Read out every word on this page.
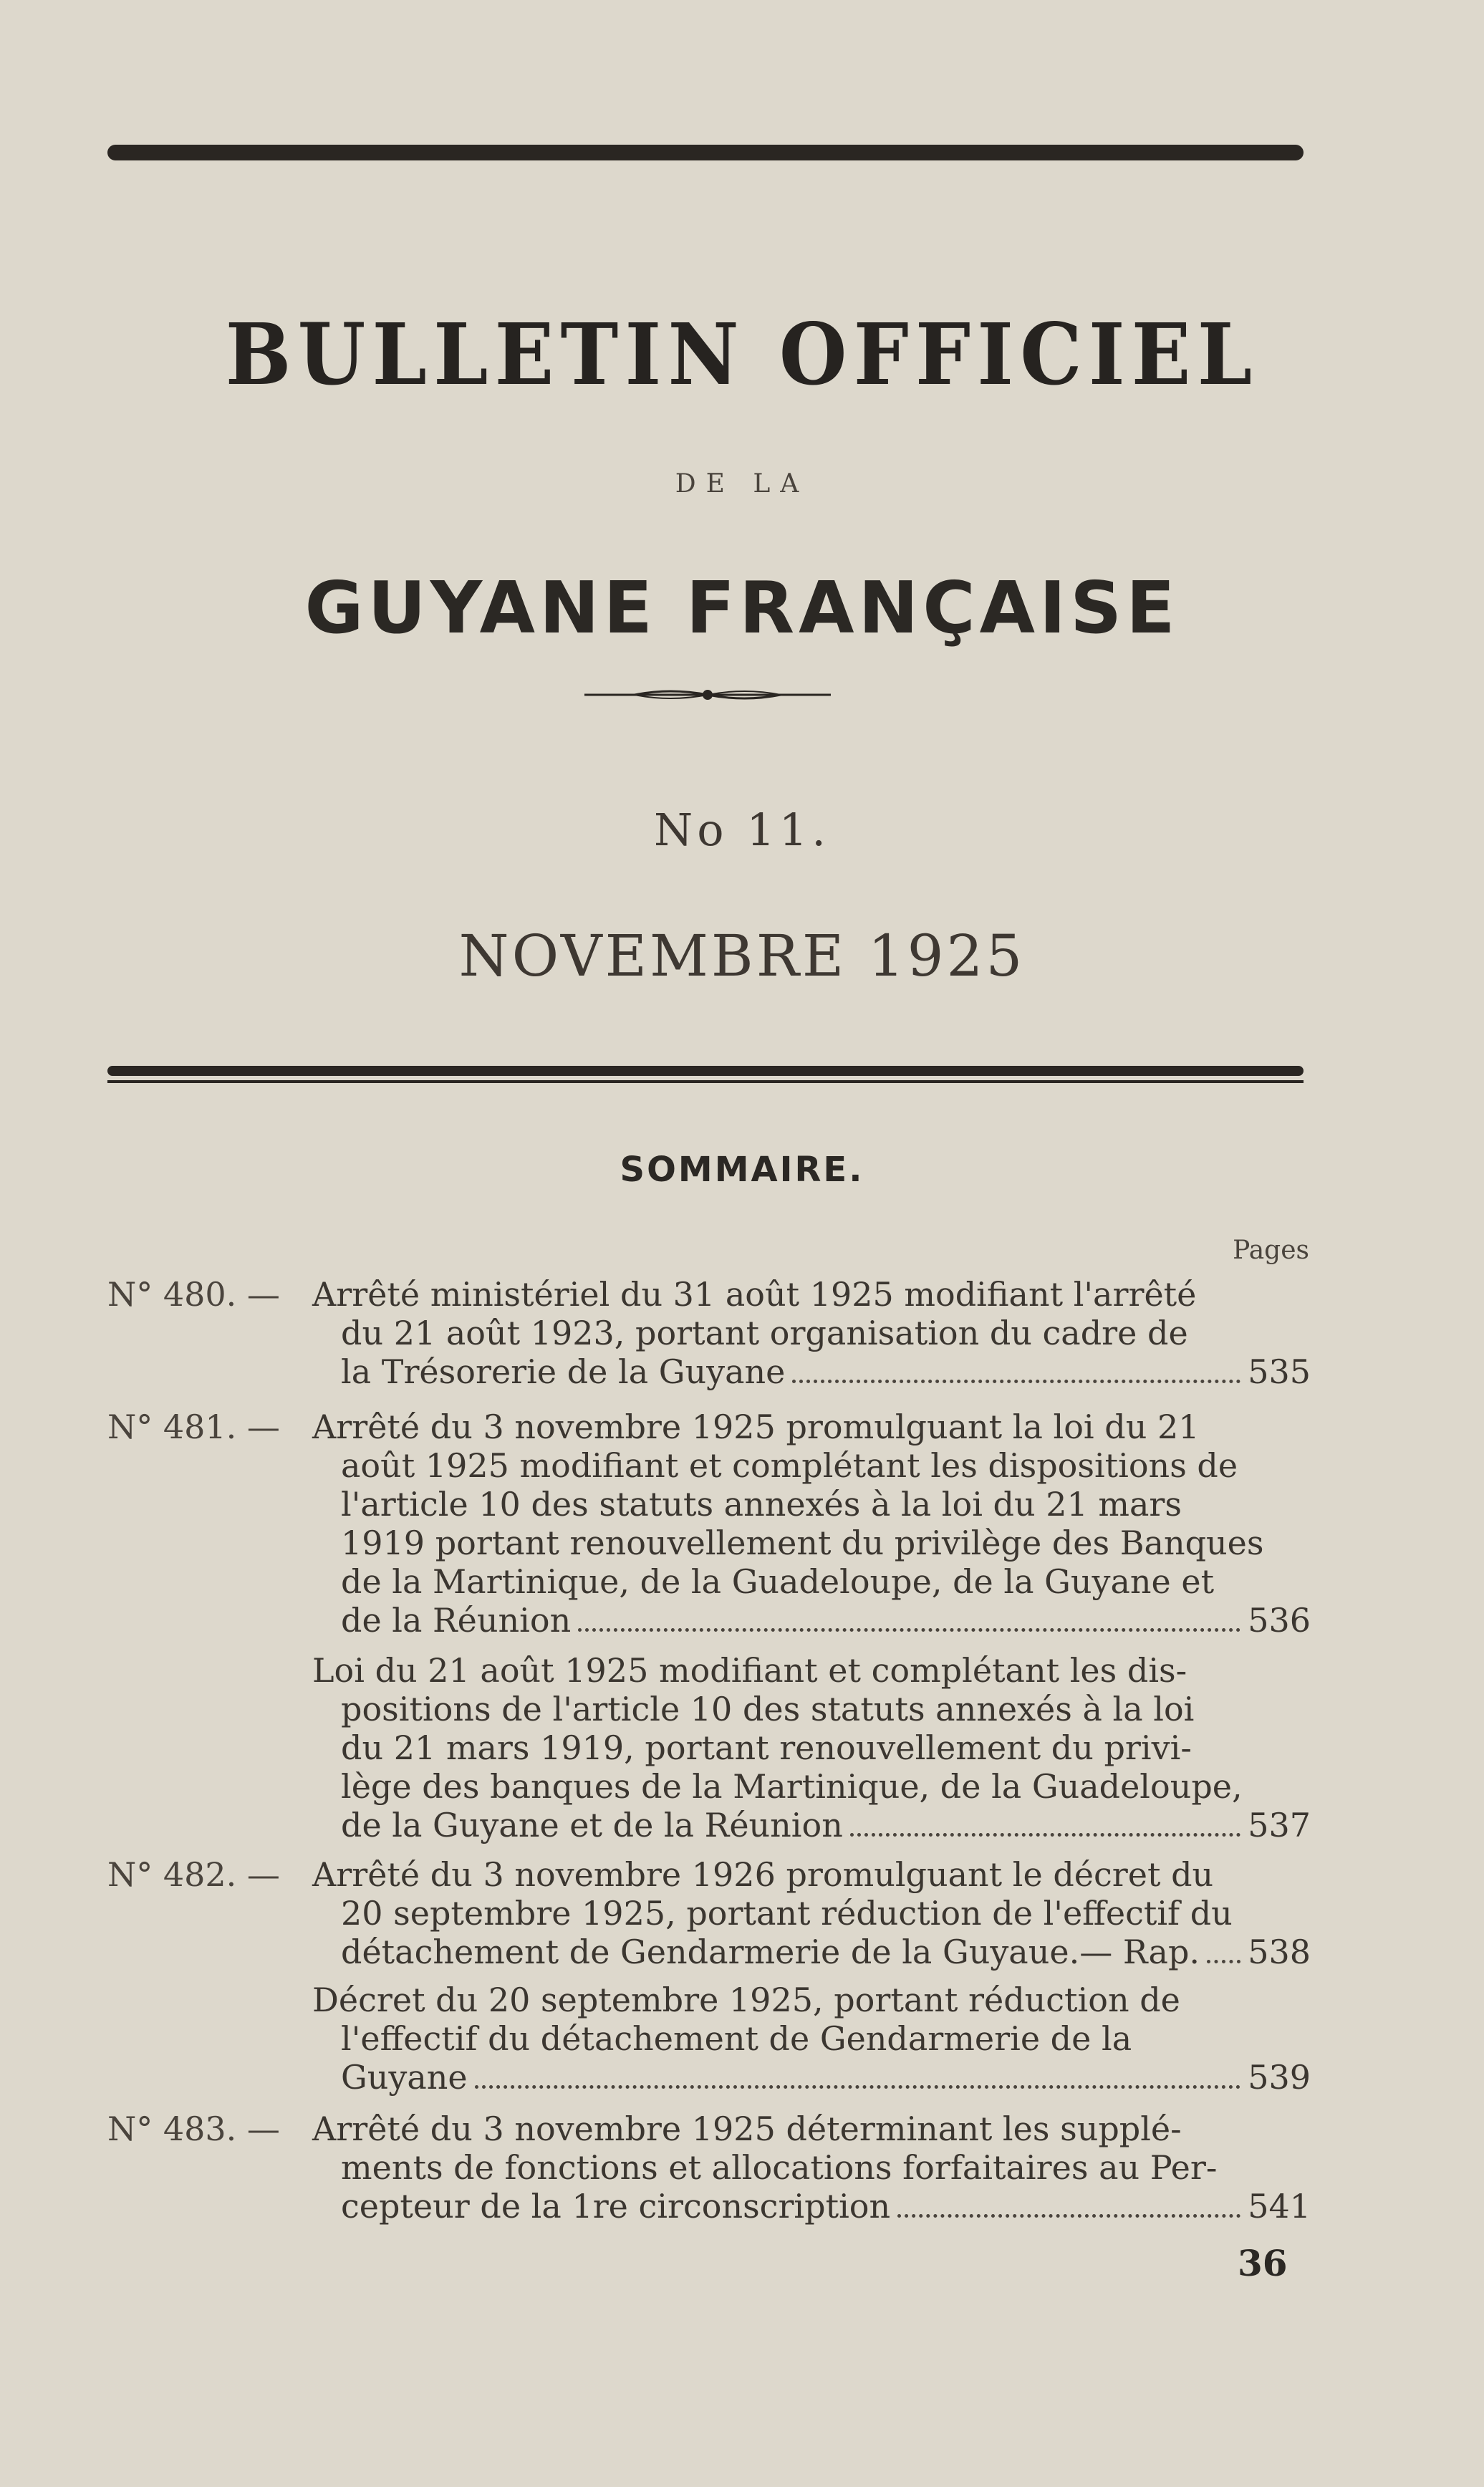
BULLETIN OFFICIEL
DE LA
GUYANE FRANÇAISE
No 11.
NOVEMBRE 1925
SOMMAIRE.
Pages
N° 480. — Arrêté ministériel du 31 août 1925 modifiant l'arrêté
du 21 août 1923, portant organisation du cadre de
la Trésorerie de la Guyane	535
N° 481. — Arrêté du 3 novembre 1925 promulguant la loi du 21
août 1925 modifiant et complétant les dispositions de
l'article 10 des statuts annexés à la loi du 21 mars
1919 portant renouvellement du privilège des Banques
de la Martinique, de la Guadeloupe, de la Guyane et
de la Réunion	536
Loi du 21 août 1925 modifiant et complétant les dis-
positions de l'article 10 des statuts annexés à la loi
du 21 mars 1919, portant renouvellement du privi-
lège des banques de la Martinique, de la Guadeloupe,
de la Guyane et de la Réunion	537
N° 482. — Arrêté du 3 novembre 1926 promulguant le décret du
20 septembre 1925, portant réduction de l'effectif du
détachement de Gendarmerie de la Guyaue.— Rap. 538
Décret du 20 septembre 1925, portant réduction de
l'effectif du détachement de Gendarmerie de la
Guyane	539
N° 483. — Arrêté du 3 novembre 1925 déterminant les supplé-
ments de fonctions et allocations forfaitaires au Per-
cepteur de la 1re circonscription	541
36
